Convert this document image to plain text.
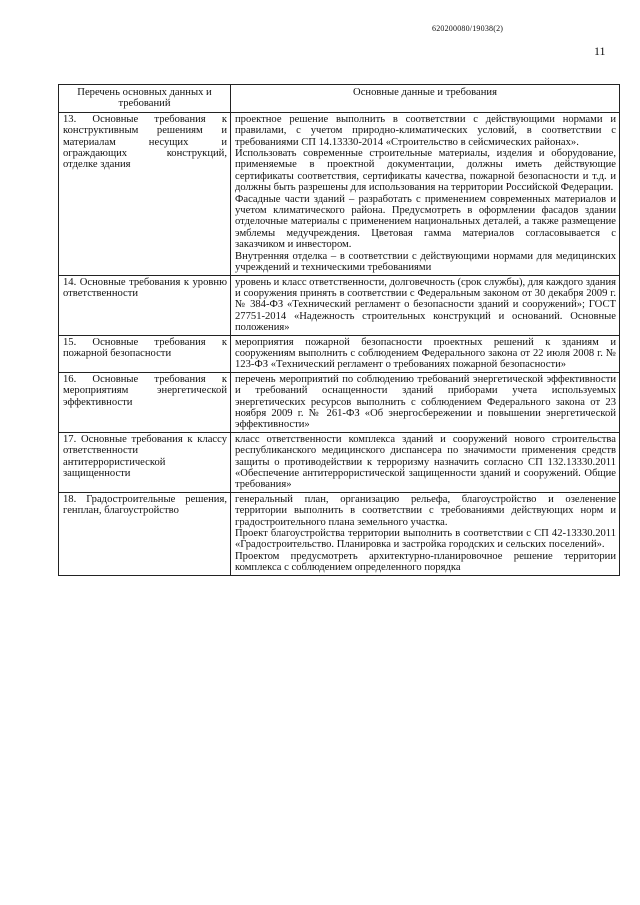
620200080/19038(2)
11
Перечень основных данных и требований	Основные данные и требования
13. Основные требования к конструктивным решениям и материалам несущих и ограждающих конструкций, отделке здания	проектное решение выполнить в соответствии с действующими нормами и правилами, с учетом природно-климатических условий, в соответствии с требованиями СП 14.13330-2014 «Строительство в сейсмических районах».

Использовать современные строительные материалы, изделия и оборудование, применяемые в проектной документации, должны иметь действующие сертификаты соответствия, сертификаты качества, пожарной безопасности и т.д. и должны быть разрешены для использования на территории Российской Федерации.

Фасадные части зданий – разработать с применением современных материалов и учетом климатического района. Предусмотреть в оформлении фасадов здании отделочные материалы с применением национальных деталей, а также размещение эмблемы медучреждения. Цветовая гамма материалов согласовывается с заказчиком и инвестором.

Внутренняя отделка – в соответствии с действующими нормами для медицинских учреждений и техническими требованиями

14. Основные требования к уровню ответственности	уровень и класс ответственности, долговечность (срок службы), для каждого здания и сооружения принять в соответствии с Федеральным законом от 30 декабря 2009 г. № 384-ФЗ «Технический регламент о безопасности зданий и сооружений»; ГОСТ 27751-2014 «Надежность строительных конструкций и оснований. Основные положения»

15. Основные требования к пожарной безопасности	мероприятия пожарной безопасности проектных решений к зданиям и сооружениям выполнить с соблюдением Федерального закона от 22 июля 2008 г. № 123-ФЗ «Технический регламент о требованиях пожарной безопасности»

16. Основные требования к мероприятиям энергетической эффективности	перечень мероприятий по соблюдению требований энергетической эффективности и требований оснащенности зданий приборами учета используемых энергетических ресурсов выполнить с соблюдением Федерального закона от 23 ноября 2009 г. № 261-ФЗ «Об энергосбережении и повышении энергетической эффективности»

17. Основные требования к классу ответственности антитеррористической защищенности	класс ответственности комплекса зданий и сооружений нового строительства республиканского медицинского диспансера по значимости применения средств защиты о противодействии к терроризму назначить согласно СП 132.13330.2011 «Обеспечение антитеррористической защищенности зданий и сооружений. Общие требования»

18. Градостроительные решения, генплан, благоустройство	генеральный план, организацию рельефа, благоустройство и озеленение территории выполнить в соответствии с требованиями действующих норм и градостроительного плана земельного участка.

Проект благоустройства территории выполнить в соответствии с СП 42-13330.2011 «Градостроительство. Планировка и застройка городских и сельских поселений».

Проектом предусмотреть архитектурно-планировочное решение территории комплекса с соблюдением определенного порядка
